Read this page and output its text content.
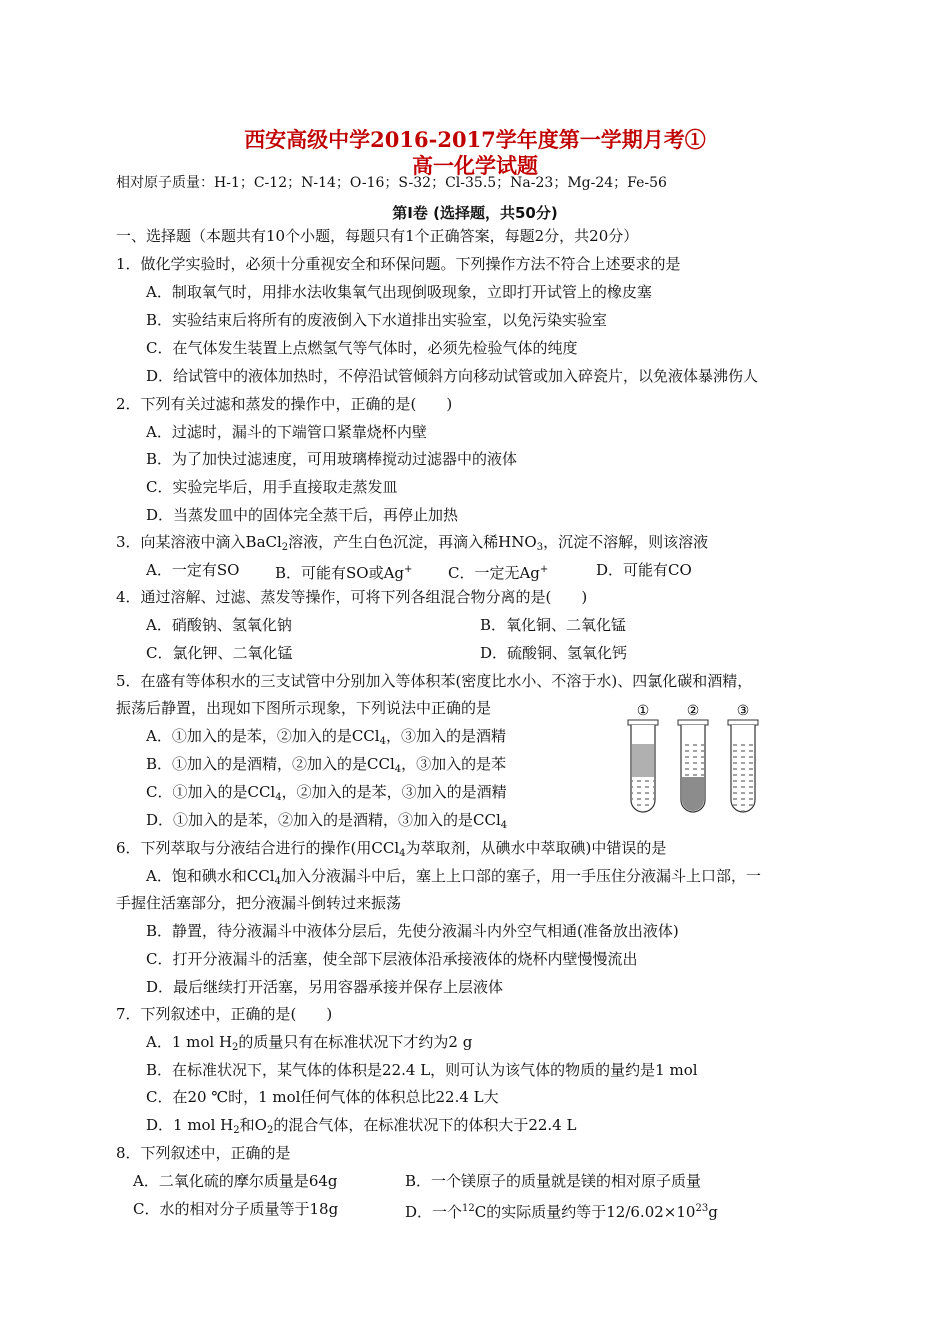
西安高级中学2016-2017学年度第一学期月考①
高一化学试题
相对原子质量：H-1；C-12；N-14；O-16；S-32；Cl-35.5；Na-23；Mg-24；Fe-56
第Ⅰ卷 (选择题，共50分)
一、选择题（本题共有10个小题，每题只有1个正确答案，每题2分，共20分）
1．做化学实验时，必须十分重视安全和环保问题。下列操作方法不符合上述要求的是
A．制取氧气时，用排水法收集氧气出现倒吸现象，立即打开试管上的橡皮塞
B．实验结束后将所有的废液倒入下水道排出实验室，以免污染实验室
C．在气体发生装置上点燃氢气等气体时，必须先检验气体的纯度
D．给试管中的液体加热时，不停沿试管倾斜方向移动试管或加入碎瓷片，以免液体暴沸伤人
2．下列有关过滤和蒸发的操作中，正确的是(　　)
A．过滤时，漏斗的下端管口紧靠烧杯内壁
B．为了加快过滤速度，可用玻璃棒搅动过滤器中的液体
C．实验完毕后，用手直接取走蒸发皿
D．当蒸发皿中的固体完全蒸干后，再停止加热
3．向某溶液中滴入BaCl$_2$溶液，产生白色沉淀，再滴入稀$HNO_3$，沉淀不溶解，则该溶液
A．一定有SO B．可能有SO或Ag+ C．一定无Ag+	D．可能有CO
4．通过溶解、过滤、蒸发等操作，可将下列各组混合物分离的是(　　)
A．硝酸钠、氢氧化钠	B．氧化铜、二氧化锰
C．氯化钾、二氧化锰	D．硫酸铜、氢氧化钙
5．在盛有等体积水的三支试管中分别加入等体积苯(密度比水小、不溶于水)、四氯化碳和酒精，
振荡后静置，出现如下图所示现象，下列说法中正确的是
A．①加入的是苯，②加入的是CCl$_4$，③加入的是酒精
B．①加入的是酒精，②加入的是CCl$_4$，③加入的是苯
C．①加入的是CCl$_4$，②加入的是苯，③加入的是酒精
D．①加入的是苯，②加入的是酒精，③加入的是CCl$_4$
①	②	③
6．下列萃取与分液结合进行的操作(用CCl$_4$为萃取剂，从碘水中萃取碘)中错误的是
A．饱和碘水和CCl$_4$加入分液漏斗中后，塞上上口部的塞子，用一手压住分液漏斗上口部，一
手握住活塞部分，把分液漏斗倒转过来振荡
B．静置，待分液漏斗中液体分层后，先使分液漏斗内外空气相通(准备放出液体)
C．打开分液漏斗的活塞，使全部下层液体沿承接液体的烧杯内壁慢慢流出
D．最后继续打开活塞，另用容器承接并保存上层液体
7．下列叙述中，正确的是(　　)
A．1 mol $H_2$的质量只有在标准状况下才约为2 g
B．在标准状况下，某气体的体积是22.4 L，则可认为该气体的物质的量约是1 mol
C．在20 ℃时，1 mol任何气体的体积总比22.4 L大
D．1 mol $H_2$和$O_2$的混合气体，在标准状况下的体积大于22.4 L
8．下列叙述中，正确的是
A．二氧化硫的摩尔质量是64g	B．一个镁原子的质量就是镁的相对原子质量
C．水的相对分子质量等于18g	D．一个$^{12}$C的实际质量约等于$12/6.02\times 10^{23}g$
